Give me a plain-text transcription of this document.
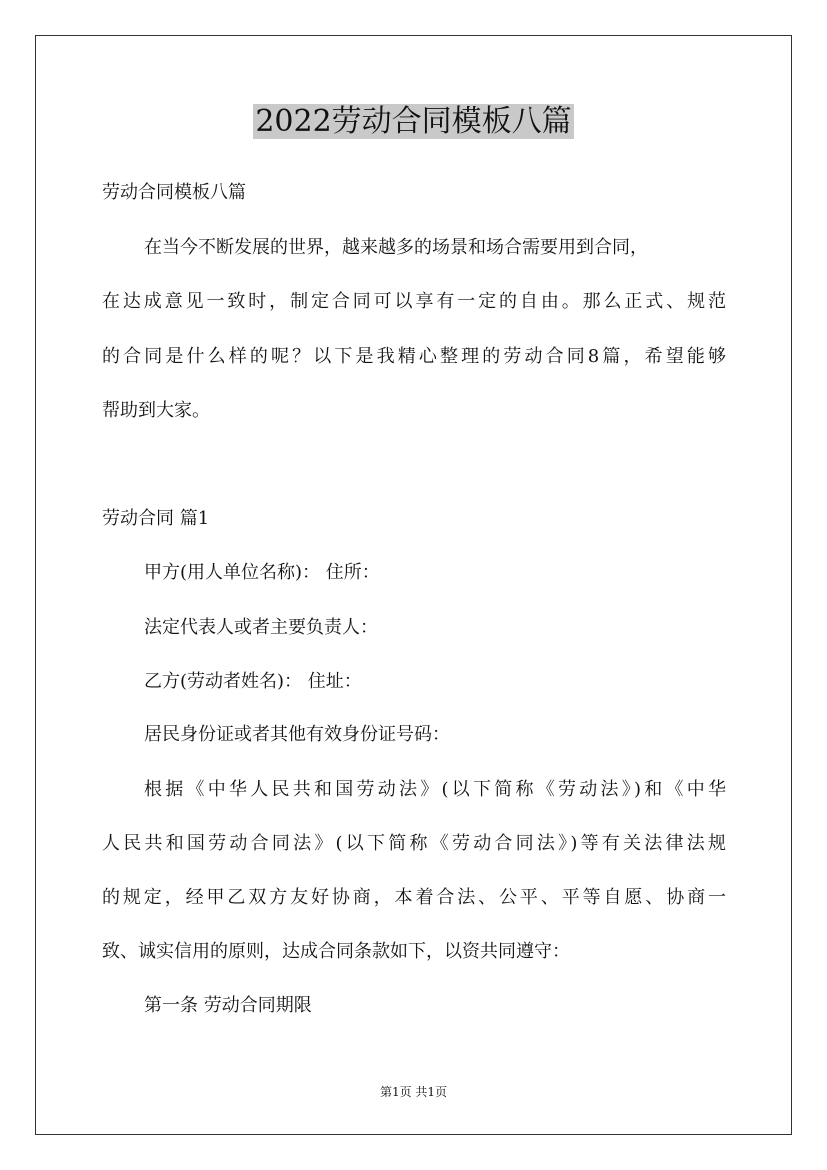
2022劳动合同模板八篇

劳动合同模板八篇

在当今不断发展的世界，越来越多的场景和场合需要用到合同，

在达成意见一致时，制定合同可以享有一定的自由。那么正式、规范

的合同是什么样的呢？以下是我精心整理的劳动合同8篇，希望能够

帮助到大家。

劳动合同 篇1

甲方(用人单位名称)： 住所：

法定代表人或者主要负责人：

乙方(劳动者姓名)： 住址：

居民身份证或者其他有效身份证号码：

根据《中华人民共和国劳动法》(以下简称《劳动法》)和《中华

人民共和国劳动合同法》(以下简称《劳动合同法》)等有关法律法规

的规定，经甲乙双方友好协商，本着合法、公平、平等自愿、协商一

致、诚实信用的原则，达成合同条款如下，以资共同遵守：

第一条 劳动合同期限

第1页 共1页
